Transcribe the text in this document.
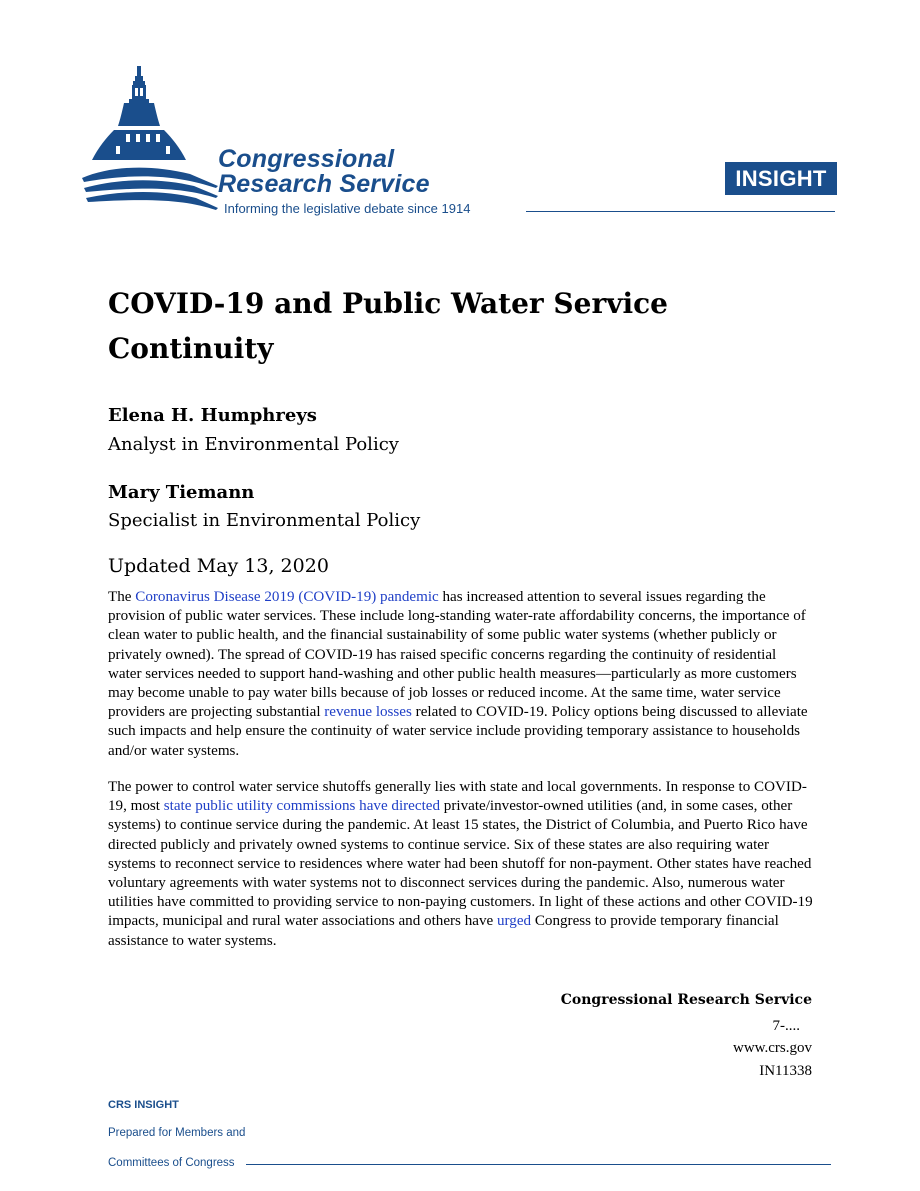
Congressional
Research Service
Informing the legislative debate since 1914
INSIGHT
COVID-19 and Public Water Service Continuity
Elena H. Humphreys
Analyst in Environmental Policy
Mary Tiemann
Specialist in Environmental Policy
Updated May 13, 2020

The Coronavirus Disease 2019 (COVID-19) pandemic has increased attention to several issues regarding the provision of public water services. These include long-standing water-rate affordability concerns, the importance of clean water to public health, and the financial sustainability of some public water systems (whether publicly or privately owned). The spread of COVID-19 has raised specific concerns regarding the continuity of residential water services needed to support hand-washing and other public health measures—particularly as more customers may become unable to pay water bills because of job losses or reduced income. At the same time, water service providers are projecting substantial revenue losses related to COVID-19. Policy options being discussed to alleviate such impacts and help ensure the continuity of water service include providing temporary assistance to households and/or water systems.

The power to control water service shutoffs generally lies with state and local governments. In response to COVID-19, most state public utility commissions have directed private/investor-owned utilities (and, in some cases, other systems) to continue service during the pandemic. At least 15 states, the District of Columbia, and Puerto Rico have directed publicly and privately owned systems to continue service. Six of these states are also requiring water systems to reconnect service to residences where water had been shutoff for non-payment. Other states have reached voluntary agreements with water systems not to disconnect services during the pandemic. Also, numerous water utilities have committed to providing service to non-paying customers. In light of these actions and other COVID-19 impacts, municipal and rural water associations and others have urged Congress to provide temporary financial assistance to water systems.

Congressional Research Service
7-....
www.crs.gov
IN11338
CRS INSIGHT
Prepared for Members and
Committees of Congress
